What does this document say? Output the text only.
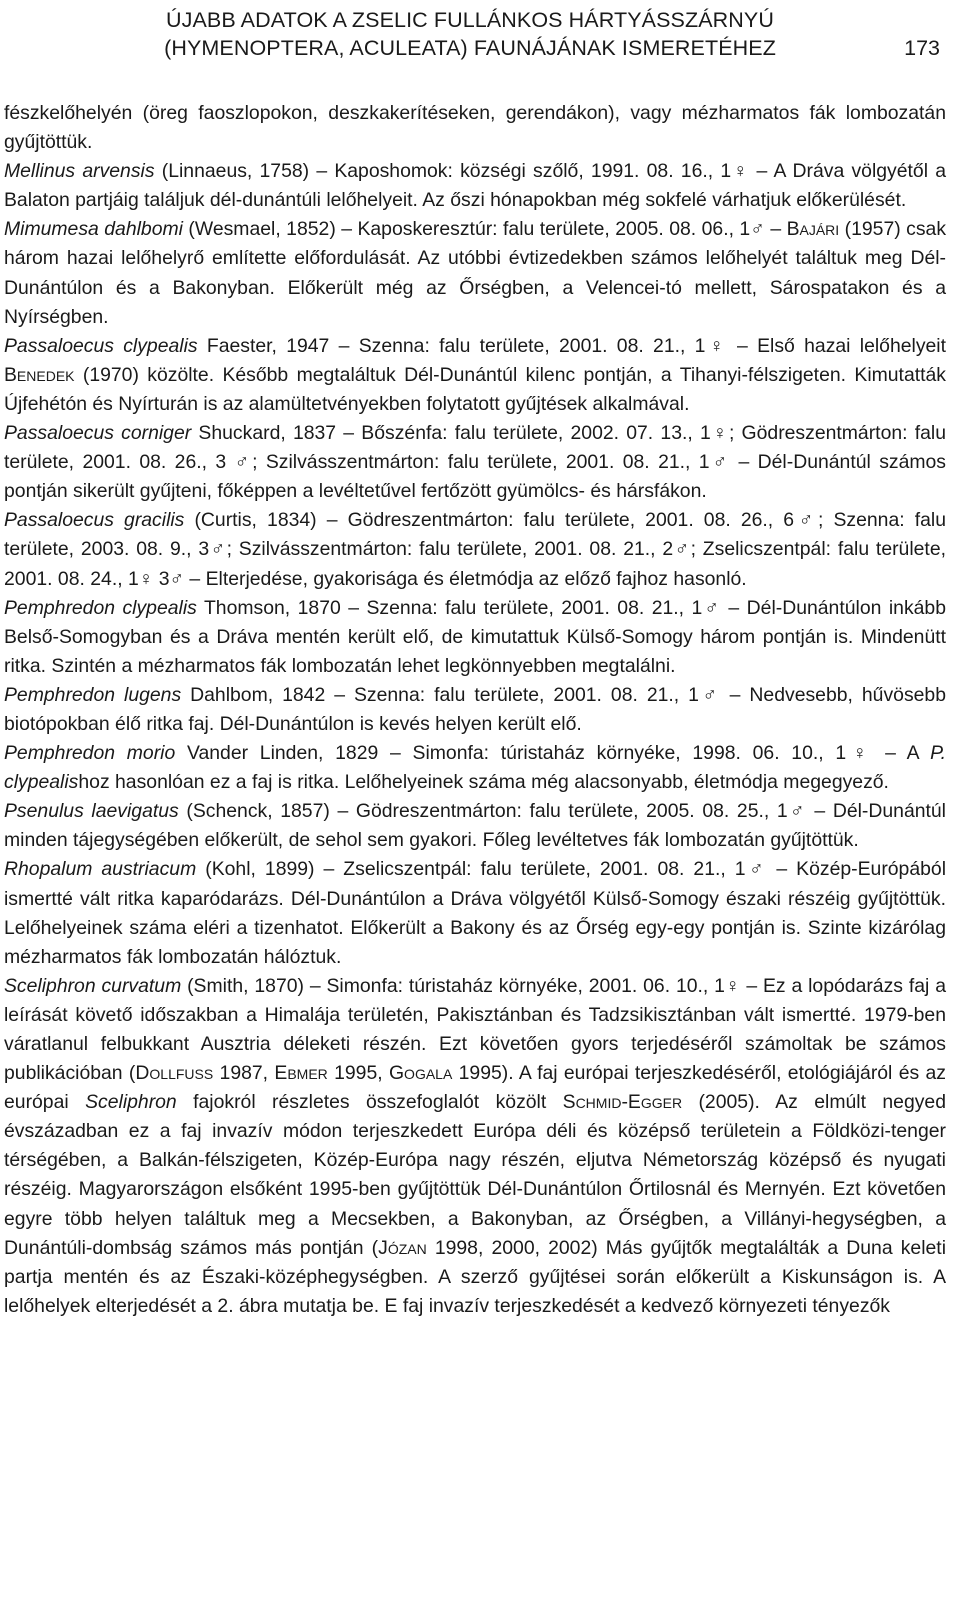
ÚJABB ADATOK A ZSELIC FULLÁNKOS HÁRTYÁSSZÁRNYÚ
(HYMENOPTERA, ACULEATA) FAUNÁJÁNAK ISMERETÉHEZ	173

fészkelőhelyén (öreg faoszlopokon, deszkakerítéseken, gerendákon), vagy mézharmatos fák lombozatán gyűjtöttük.

Mellinus arvensis (Linnaeus, 1758) – Kaposhomok: községi szőlő, 1991. 08. 16., 1♀ – A Dráva völgyétől a Balaton partjáig találjuk dél-dunántúli lelőhelyeit. Az őszi hónapokban még sokfelé várhatjuk előkerülését.

Mimumesa dahlbomi (Wesmael, 1852) – Kaposkeresztúr: falu területe, 2005. 08. 06., 1♂ – Bajári (1957) csak három hazai lelőhelyrő említette előfordulását. Az utóbbi évtizedekben számos lelőhelyét találtuk meg Dél-Dunántúlon és a Bakonyban. Előkerült még az Őrségben, a Velencei-tó mellett, Sárospatakon és a Nyírségben.

Passaloecus clypealis Faester, 1947 – Szenna: falu területe, 2001. 08. 21., 1♀ – Első hazai lelőhelyeit Benedek (1970) közölte. Később megtaláltuk Dél-Dunántúl kilenc pontján, a Tihanyi-félszigeten. Kimutatták Újfehétón és Nyírturán is az alamültetvényekben folytatott gyűjtések alkalmával.

Passaloecus corniger Shuckard, 1837 – Bőszénfa: falu területe, 2002. 07. 13., 1♀; Gödreszentmárton: falu területe, 2001. 08. 26., 3 ♂; Szilvásszentmárton: falu területe, 2001. 08. 21., 1♂ – Dél-Dunántúl számos pontján sikerült gyűjteni, főképpen a levéltetűvel fertőzött gyümölcs- és hársfákon.

Passaloecus gracilis (Curtis, 1834) – Gödreszentmárton: falu területe, 2001. 08. 26., 6♂; Szenna: falu területe, 2003. 08. 9., 3♂; Szilvásszentmárton: falu területe, 2001. 08. 21., 2♂; Zselicszentpál: falu területe, 2001. 08. 24., 1♀ 3♂ – Elterjedése, gyakorisága és életmódja az előző fajhoz hasonló.

Pemphredon clypealis Thomson, 1870 – Szenna: falu területe, 2001. 08. 21., 1♂ – Dél-Dunántúlon inkább Belső-Somogyban és a Dráva mentén került elő, de kimutattuk Külső-Somogy három pontján is. Mindenütt ritka. Szintén a mézharmatos fák lombozatán lehet legkönnyebben megtalálni.

Pemphredon lugens Dahlbom, 1842 – Szenna: falu területe, 2001. 08. 21., 1♂ – Nedvesebb, hűvösebb biotópokban élő ritka faj. Dél-Dunántúlon is kevés helyen került elő.

Pemphredon morio Vander Linden, 1829 – Simonfa: túristaház környéke, 1998. 06. 10., 1♀ – A P. clypealishoz hasonlóan ez a faj is ritka. Lelőhelyeinek száma még alacsonyabb, életmódja megegyező.

Psenulus laevigatus (Schenck, 1857) – Gödreszentmárton: falu területe, 2005. 08. 25., 1♂ – Dél-Dunántúl minden tájegységében előkerült, de sehol sem gyakori. Főleg levéltetves fák lombozatán gyűjtöttük.

Rhopalum austriacum (Kohl, 1899) – Zselicszentpál: falu területe, 2001. 08. 21., 1♂ – Közép-Európából ismertté vált ritka kaparódarázs. Dél-Dunántúlon a Dráva völgyétől Külső-Somogy északi részéig gyűjtöttük. Lelőhelyeinek száma eléri a tizenhatot. Előkerült a Bakony és az Őrség egy-egy pontján is. Szinte kizárólag mézharmatos fák lombozatán hálóztuk.

Sceliphron curvatum (Smith, 1870) – Simonfa: túristaház környéke, 2001. 06. 10., 1♀ – Ez a lopódarázs faj a leírását követő időszakban a Himalája területén, Pakisztánban és Tadzsikisztánban vált ismertté. 1979-ben váratlanul felbukkant Ausztria déleketi részén. Ezt követően gyors terjedéséről számoltak be számos publikációban (Dollfuss 1987, Ebmer 1995, Gogala 1995). A faj európai terjeszkedéséről, etológiájáról és az európai Sceliphron fajokról részletes összefoglalót közölt Schmid-Egger (2005). Az elmúlt negyed évszázadban ez a faj invazív módon terjeszkedett Európa déli és középső területein a Földközi-tenger térségében, a Balkán-félszigeten, Közép-Európa nagy részén, eljutva Németország középső és nyugati részéig. Magyarországon elsőként 1995-ben gyűjtöttük Dél-Dunántúlon Őrtilosnál és Mernyén. Ezt követően egyre több helyen találtuk meg a Mecsekben, a Bakonyban, az Őrségben, a Villányi-hegységben, a Dunántúli-dombság számos más pontján (Józan 1998, 2000, 2002) Más gyűjtők megtalálták a Duna keleti partja mentén és az Északi-középhegységben. A szerző gyűjtései során előkerült a Kiskunságon is. A lelőhelyek elterjedését a 2. ábra mutatja be. E faj invazív terjeszkedését a kedvező környezeti tényezők
